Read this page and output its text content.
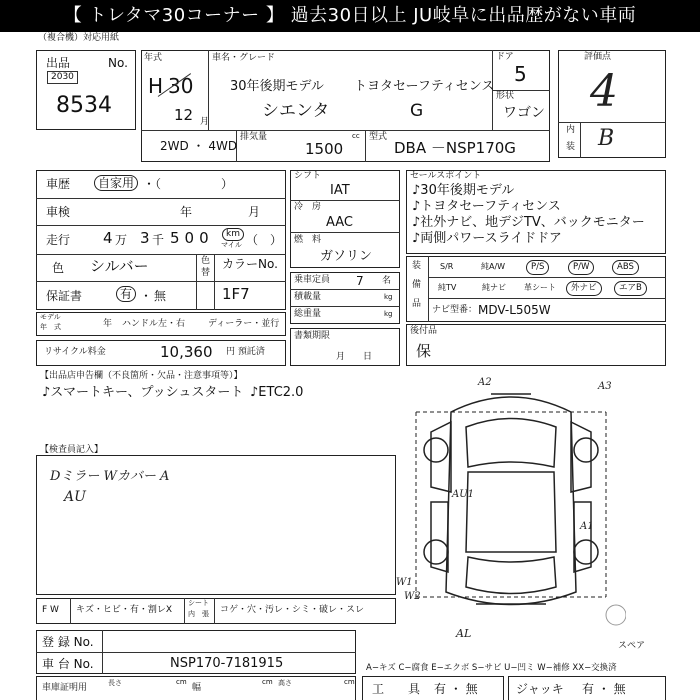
【 トレタマ30コーナー 】 過去30日以上 JU岐阜に出品歴がない車両
（複合機）対応用紙
出品	No.
2030
8534
年式
H 30
12 月
車名・グレード
30年後期モデル トヨタセーフティセンス
シエンタ	G
ドア
5
形状
ワゴン
2WD ・ 4WD
排気量	cc
1500
型式
DBA －NSP170G
評価点
4
内
装 B
車歴	自家用 ・（　　　　　）
車検	年	月
走行 4 万 3 千 500	km
マイル （　）
色 シルバー	色
替
カラーNo.
1F7
保証書	有 ・ 無
モデル
年　式	年 ハンドル 左・右	ディーラー・並行
リサイクル料金	10,360 円 預託済
シフト
IAT
冷　房
AAC
燃　料
ガソリン
乗車定員 7 名
積載量	kg
総重量	kg
書類期限
月　　日
セールスポイント
♪30年後期モデル
♪トヨタセーフティセンス
♪社外ナビ、地デジTV、バックモニター
♪両側パワースライドドア
装
備
品
S/R	純A/W	P/S	P/W	ABS
純TV	純ナビ 革シート	外ナビ	エアB
ナビ型番： MDV-L505W
後付品
保
【出品店申告欄（不良箇所・欠品・注意事項等）】
♪スマートキー、プッシュスタート ♪ETC2.0
【検査員記入】
Dミラー Wカバー A
AU
A2	A3
AU1
A1
W1
W2
AL
スペア
F W キズ・ヒビ・有・割レX
シート
内　張 コゲ・穴・汚レ・シミ・破レ・スレ
登 録 No.
車 台 No.	NSP170-7181915
車庫証明用	長さ	cm
幅
cm 高さ	cm
A−キズ C−腐食 E−エクボ S−サビ U−凹ミ W−補修 XX−交換済
工　　具 有 ・ 無	ジャッキ 有 ・ 無
